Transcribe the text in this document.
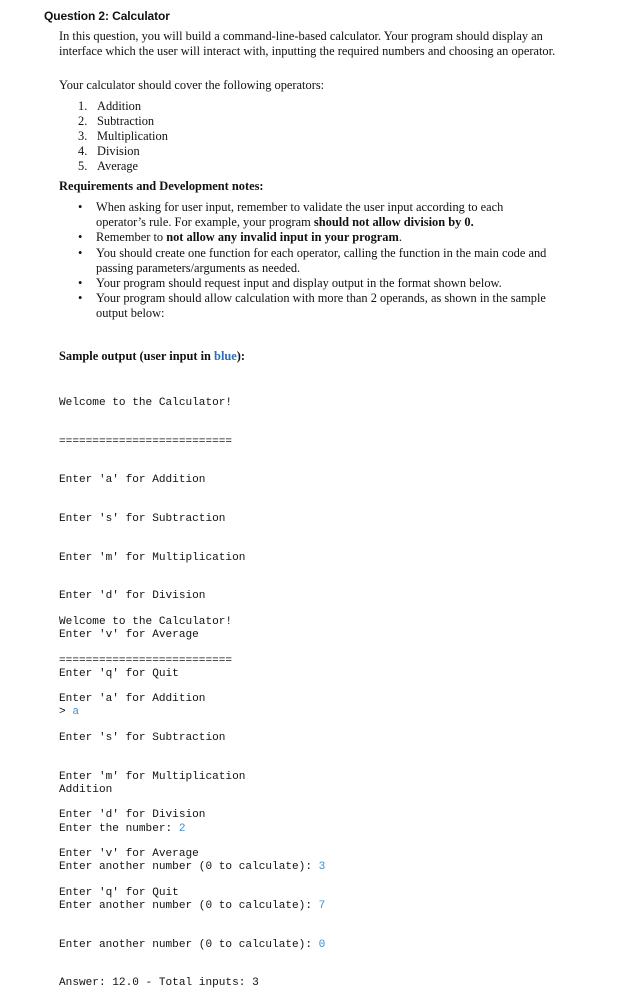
Question 2: Calculator

In this question, you will build a command-line-based calculator. Your program should display an interface which the user will interact with, inputting the required numbers and choosing an operator.

Your calculator should cover the following operators:

1. Addition
2. Subtraction
3. Multiplication
4. Division
5. Average

Requirements and Development notes:

• When asking for user input, remember to validate the user input according to each operator’s rule. For example, your program should not allow division by 0.
• Remember to not allow any invalid input in your program.
• You should create one function for each operator, calling the function in the main code and passing parameters/arguments as needed.
• Your program should request input and display output in the format shown below.
• Your program should allow calculation with more than 2 operands, as shown in the sample output below:

Sample output (user input in blue):

Welcome to the Calculator!

==========================

Enter 'a' for Addition

Enter 's' for Subtraction

Enter 'm' for Multiplication

Enter 'd' for Division

Enter 'v' for Average

Enter 'q' for Quit

> a

Addition

Enter the number: 2

Enter another number (0 to calculate): 3

Enter another number (0 to calculate): 7

Enter another number (0 to calculate): 0

Answer: 12.0 - Total inputs: 3

Welcome to the Calculator!

==========================

Enter 'a' for Addition

Enter 's' for Subtraction

Enter 'm' for Multiplication

Enter 'd' for Division

Enter 'v' for Average

Enter 'q' for Quit
